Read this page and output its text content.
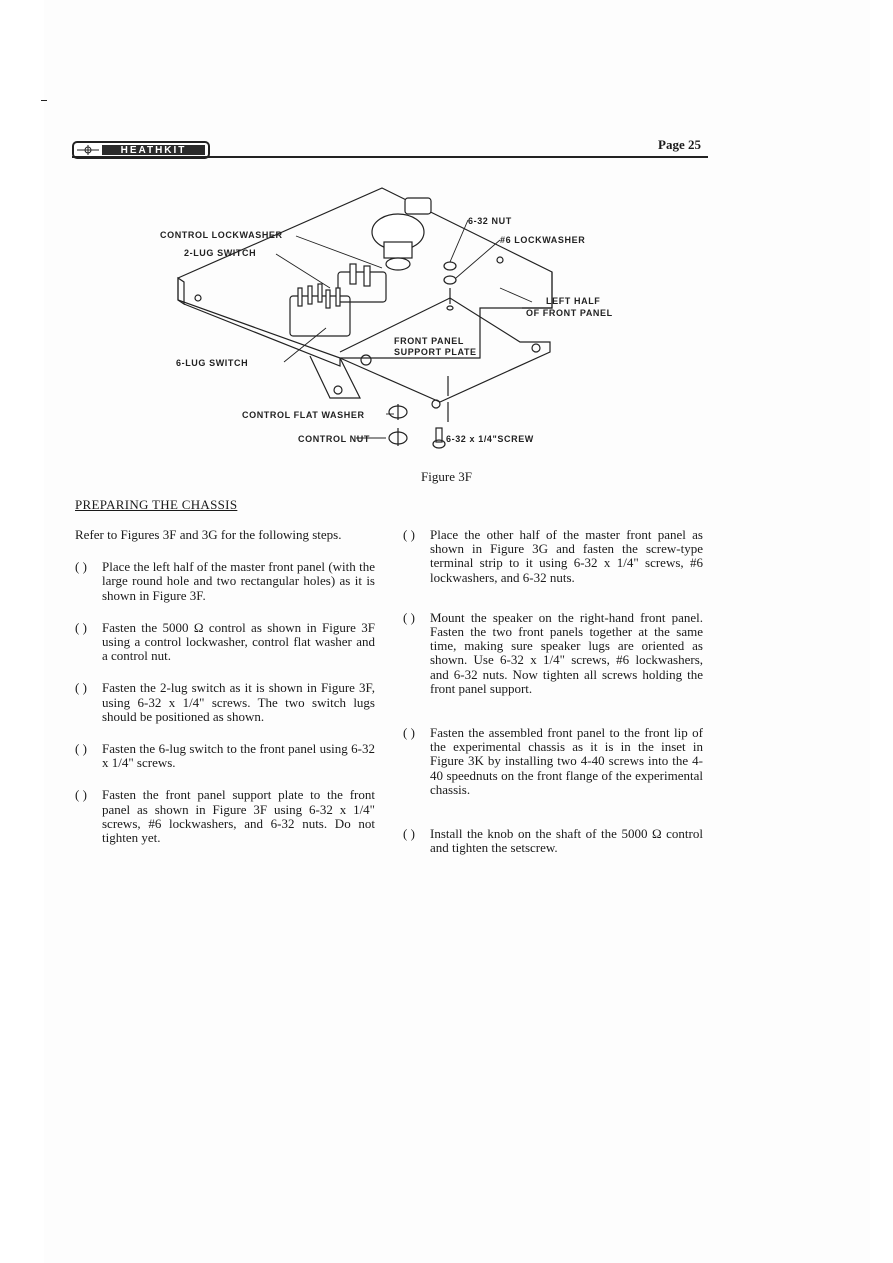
HEATHKIT	Page 25
CONTROL LOCKWASHER
2-LUG SWITCH
6-LUG SWITCH
CONTROL FLAT WASHER
CONTROL NUT
6-32 NUT
#6 LOCKWASHER
LEFT HALF
OF FRONT PANEL
FRONT PANEL
SUPPORT PLATE
6-32 x 1/4"SCREW
Figure 3F
PREPARING THE CHASSIS

Refer to Figures 3F and 3G for the following steps.

( )	Place the left half of the master front panel (with the large round hole and two rectangular holes) as it is shown in Figure 3F.
( )	Fasten the 5000 Ω control as shown in Figure 3F using a control lockwasher, control flat washer and a control nut.
( )	Fasten the 2-lug switch as it is shown in Figure 3F, using 6-32 x 1/4" screws. The two switch lugs should be positioned as shown.
( )	Fasten the 6-lug switch to the front panel using 6-32 x 1/4" screws.
( )	Fasten the front panel support plate to the front panel as shown in Figure 3F using 6-32 x 1/4" screws, #6 lockwashers, and 6-32 nuts. Do not tighten yet.
( )	Place the other half of the master front panel as shown in Figure 3G and fasten the screw-type terminal strip to it using 6-32 x 1/4" screws, #6 lockwashers, and 6-32 nuts.
( )	Mount the speaker on the right-hand front panel. Fasten the two front panels together at the same time, making sure speaker lugs are oriented as shown. Use 6-32 x 1/4" screws, #6 lockwashers, and 6-32 nuts. Now tighten all screws holding the front panel support.
( )	Fasten the assembled front panel to the front lip of the experimental chassis as it is in the inset in Figure 3K by installing two 4-40 screws into the 4-40 speednuts on the front flange of the experimental chassis.
( )	Install the knob on the shaft of the 5000 Ω control and tighten the setscrew.
